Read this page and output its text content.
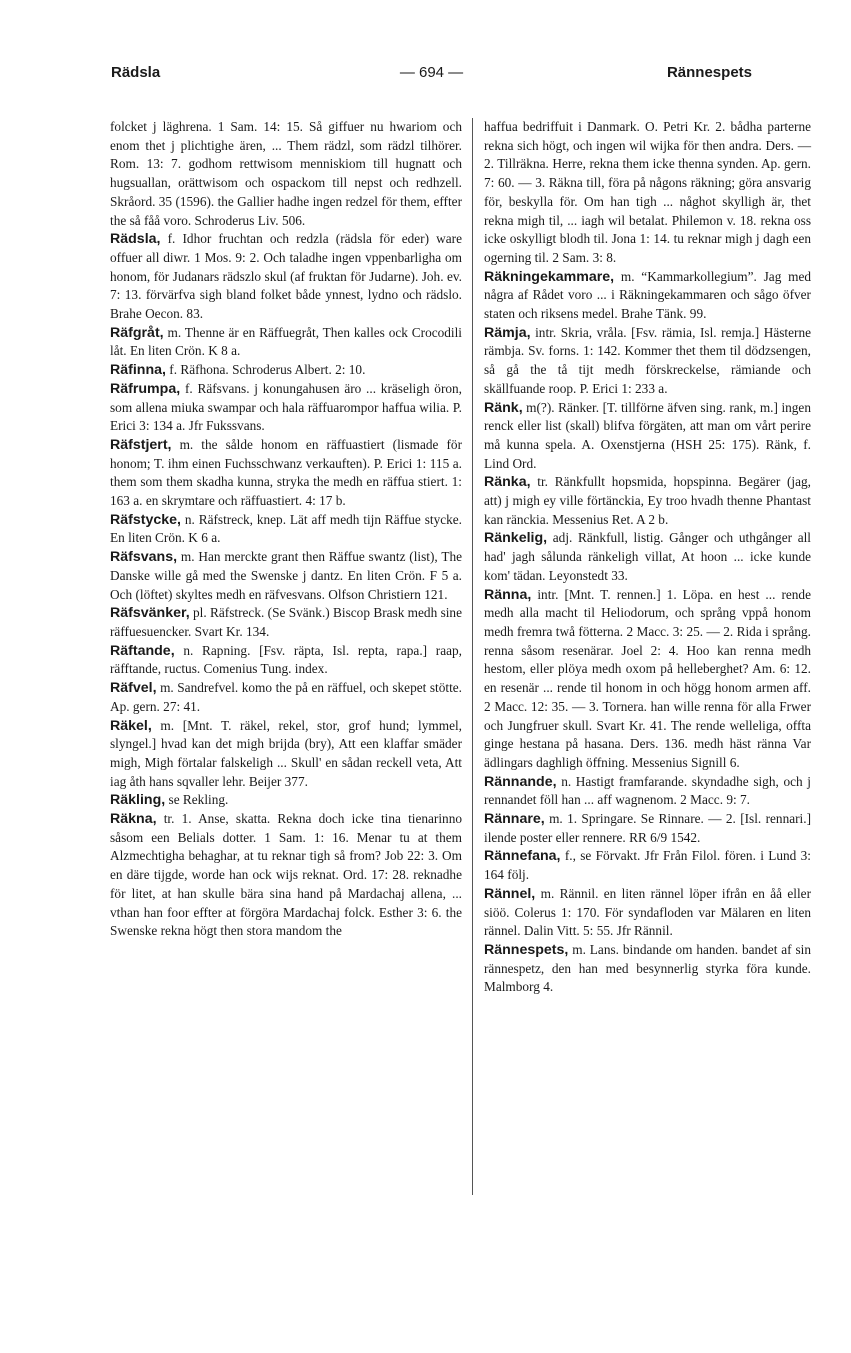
Rädsla	— 694 —	Rännespets

folcket j läghrena. 1 Sam. 14: 15. Så giffuer nu hwariom och enom thet j plichtighe ären, ... Them rädzl, som rädzl tilhörer. Rom. 13: 7. godhom rettwisom menniskiom till hugnatt och hugsuallan, orättwisom och ospackom till nepst och redhzell. Skråord. 35 (1596). the Gallier hadhe ingen redzel för them, effter the så fåå voro. Schroderus Liv. 506.

Rädsla, f. Idhor fruchtan och redzla (rädsla för eder) ware offuer all diwr. 1 Mos. 9: 2. Och taladhe ingen vppenbarligha om honom, för Judanars rädszlo skul (af fruktan för Judarne). Joh. ev. 7: 13. förvärfva sigh bland folket både ynnest, lydno och rädslo. Brahe Oecon. 83.

Räfgråt, m. Thenne är en Räffuegråt, Then kalles ock Crocodili låt. En liten Crön. K 8 a.

Räfinna, f. Räfhona. Schroderus Albert. 2: 10.

Räfrumpa, f. Räfsvans. j konungahusen äro ... kräseligh öron, som allena miuka swampar och hala räffuarompor haffua wilia. P. Erici 3: 134 a. Jfr Fukssvans.

Räfstjert, m. the sålde honom en räffuastiert (lismade för honom; T. ihm einen Fuchsschwanz verkauften). P. Erici 1: 115 a. them som them skadha kunna, stryka the medh en räffua stiert. 1: 163 a. en skrymtare och räffuastiert. 4: 17 b.

Räfstycke, n. Räfstreck, knep. Lät aff medh tijn Räffue stycke. En liten Crön. K 6 a.

Räfsvans, m. Han merckte grant then Räffue swantz (list), The Danske wille gå med the Swenske j dantz. En liten Crön. F 5 a. Och (löftet) skyltes medh en räfvesvans. Olfson Christiern 121.

Räfsvänker, pl. Räfstreck. (Se Svänk.) Biscop Brask medh sine räffuesuencker. Svart Kr. 134.

Räftande, n. Rapning. [Fsv. räpta, Isl. repta, rapa.] raap, räfftande, ructus. Comenius Tung. index.

Räfvel, m. Sandrefvel. komo the på en räffuel, och skepet stötte. Ap. gern. 27: 41.

Räkel, m. [Mnt. T. räkel, rekel, stor, grof hund; lymmel, slyngel.] hvad kan det migh brijda (bry), Att een klaffar smäder migh, Migh förtalar falskeligh ... Skull' en sådan reckell veta, Att iag åth hans sqvaller lehr. Beijer 377.

Räkling, se Rekling.

Räkna, tr. 1. Anse, skatta. Rekna doch icke tina tienarinno såsom een Belials dotter. 1 Sam. 1: 16. Menar tu at them Alzmechtigha behaghar, at tu reknar tigh så from? Job 22: 3. Om en däre tijgde, worde han ock wijs reknat. Ord. 17: 28. reknadhe för litet, at han skulle bära sina hand på Mardachaj allena, ... vthan han foor effter at förgöra Mardachaj folck. Esther 3: 6. the Swenske rekna högt then stora mandom the

haffua bedriffuit i Danmark. O. Petri Kr. 2. bådha parterne rekna sich högt, och ingen wil wijka för then andra. Ders. — 2. Tillräkna. Herre, rekna them icke thenna synden. Ap. gern. 7: 60. — 3. Räkna till, föra på någons räkning; göra ansvarig för, beskylla för. Om han tigh ... någhot skylligh är, thet rekna migh til, ... iagh wil betalat. Philemon v. 18. rekna oss icke oskylligt blodh til. Jona 1: 14. tu reknar migh j dagh een ogerning til. 2 Sam. 3: 8.

Räkningekammare, m. “Kammarkollegium”. Jag med några af Rådet voro ... i Räkningekammaren och sågo öfver staten och riksens medel. Brahe Tänk. 99.

Rämja, intr. Skria, vråla. [Fsv. rämia, Isl. remja.] Hästerne rämbja. Sv. forns. 1: 142. Kommer thet them til dödzsengen, så gå the tå tijt medh förskreckelse, rämiande och skällfuande roop. P. Erici 1: 233 a.

Ränk, m(?). Ränker. [T. tillförne äfven sing. rank, m.] ingen renck eller list (skall) blifva förgäten, att man om vårt perire må kunna spela. A. Oxenstjerna (HSH 25: 175). Ränk, f. Lind Ord.

Ränka, tr. Ränkfullt hopsmida, hopspinna. Begärer (jag, att) j migh ey ville förtänckia, Ey troo hvadh thenne Phantast kan ränckia. Messenius Ret. A 2 b.

Ränkelig, adj. Ränkfull, listig. Gånger och uthgånger all had' jagh sålunda ränkeligh villat, At hoon ... icke kunde kom' tädan. Leyonstedt 33.

Ränna, intr. [Mnt. T. rennen.] 1. Löpa. en hest ... rende medh alla macht til Heliodorum, och språng vppå honom medh fremra twå fötterna. 2 Macc. 3: 25. — 2. Rida i språng. renna såsom resenärar. Joel 2: 4. Hoo kan renna medh hestom, eller plöya medh oxom på helleberghet? Am. 6: 12. en resenär ... rende til honom in och högg honom armen aff. 2 Macc. 12: 35. — 3. Tornera. han wille renna för alla Frwer och Jungfruer skull. Svart Kr. 41. The rende welleliga, offta ginge hestana på hasana. Ders. 136. medh häst ränna Var ädlingars daghligh öffning. Messenius Signill 6.

Rännande, n. Hastigt framfarande. skyndadhe sigh, och j rennandet föll han ... aff wagnenom. 2 Macc. 9: 7.

Rännare, m. 1. Springare. Se Rinnare. — 2. [Isl. rennari.] ilende poster eller rennere. RR 6/9 1542.

Rännefana, f., se Förvakt. Jfr Från Filol. fören. i Lund 3: 164 följ.

Rännel, m. Rännil. en liten rännel löper ifrån en åå eller siöö. Colerus 1: 170. För syndafloden var Mälaren en liten rännel. Dalin Vitt. 5: 55. Jfr Rännil.

Rännespets, m. Lans. bindande om handen. bandet af sin rännespetz, den han med besynnerlig styrka föra kunde. Malmborg 4.
